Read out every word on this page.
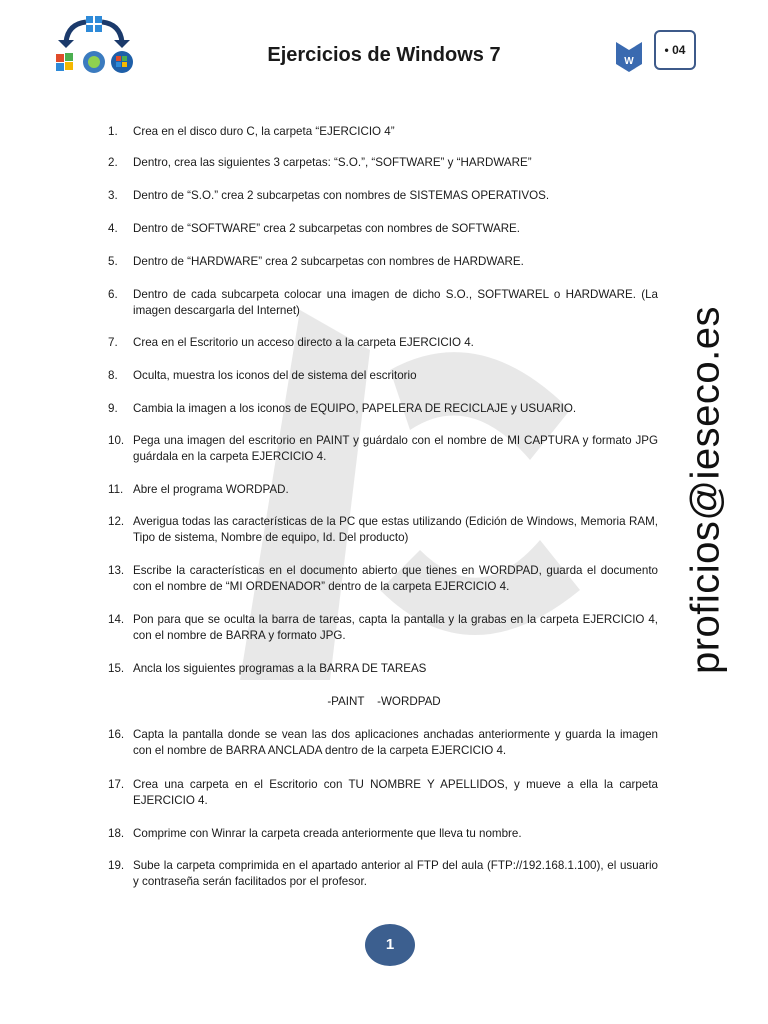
Ejercicios de Windows 7	W
• 04
proficios@ieseco.es
1.	Crea en el disco duro C, la carpeta “EJERCICIO 4”
2.	Dentro, crea las siguientes 3 carpetas: “S.O.”, “SOFTWARE” y “HARDWARE”
3.	Dentro de “S.O.” crea 2 subcarpetas con nombres de SISTEMAS OPERATIVOS.
4.	Dentro de “SOFTWARE” crea 2 subcarpetas con nombres de SOFTWARE.
5.	Dentro de “HARDWARE” crea 2 subcarpetas con nombres de HARDWARE.
6.	Dentro de cada subcarpeta colocar una imagen de dicho S.O., SOFTWAREL o HARDWARE. (La imagen descargarla del Internet)
7.	Crea en el Escritorio un acceso directo a la carpeta EJERCICIO 4.
8.	Oculta, muestra los iconos del de sistema del escritorio
9.	Cambia la imagen a los iconos de EQUIPO, PAPELERA DE RECICLAJE y USUARIO.
10. Pega una imagen del escritorio en PAINT y guárdalo con el nombre de MI CAPTURA y formato JPG guárdala en la carpeta EJERCICIO 4.
11. Abre el programa WORDPAD.
12. Averigua todas las características de la PC que estas utilizando (Edición de Windows, Memoria RAM, Tipo de sistema, Nombre de equipo, Id. Del producto)
13. Escribe la características en el documento abierto que tienes en WORDPAD, guarda el documento con el nombre de “MI ORDENADOR” dentro de la carpeta EJERCICIO 4.
14. Pon para que se oculta la barra de tareas, capta la pantalla y la grabas en la carpeta EJERCICIO 4, con el nombre de BARRA y formato JPG.
15. Ancla los siguientes programas a la BARRA DE TAREAS
16. Capta la pantalla donde se vean las dos aplicaciones anchadas anteriormente y guarda la imagen con el nombre de BARRA ANCLADA dentro de la carpeta EJERCICIO 4.
17. Crea una carpeta en el Escritorio con TU NOMBRE Y APELLIDOS, y mueve a ella la carpeta EJERCICIO 4.
18. Comprime con Winrar la carpeta creada anteriormente que lleva tu nombre.
19. Sube la carpeta comprimida en el apartado anterior al FTP del aula (FTP://192.168.1.100), el usuario y contraseña serán facilitados por el profesor.
-PAINT    -WORDPAD
1
